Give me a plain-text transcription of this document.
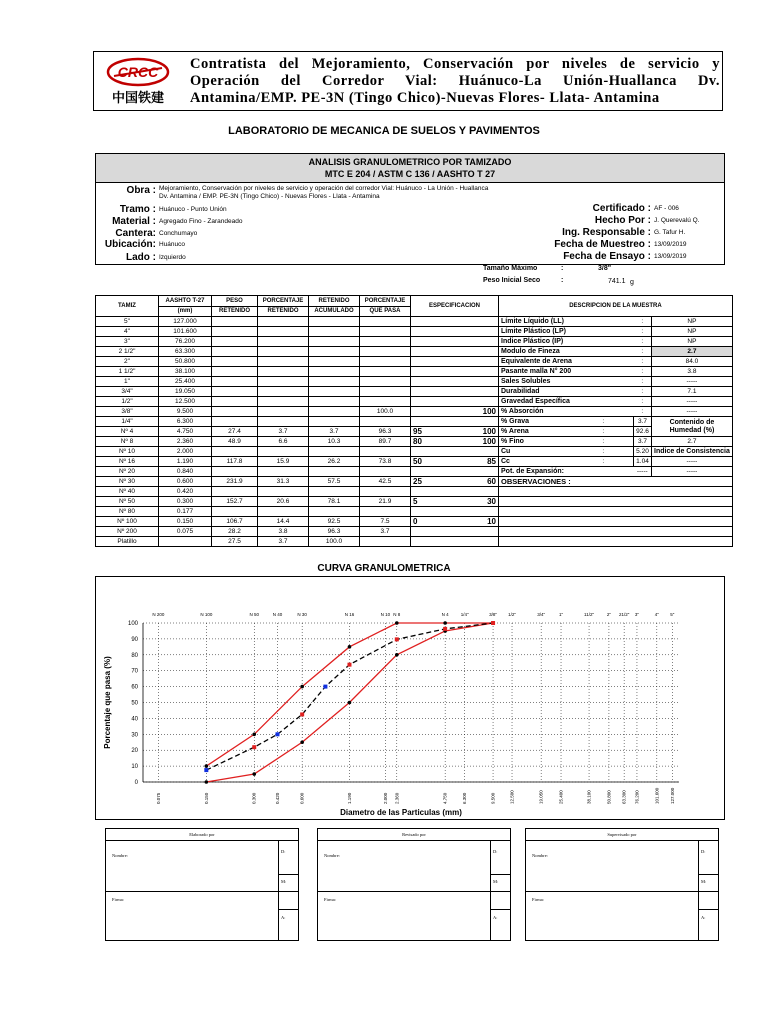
CRCC
中国铁建
Contratista del Mejoramiento, Conservación por niveles de servicio y Operación del Corredor Vial: Huánuco-La Unión-Huallanca Dv. Antamina/EMP. PE-3N (Tingo Chico)-Nuevas Flores- Llata- Antamina
LABORATORIO DE MECANICA DE SUELOS Y PAVIMENTOS
ANALISIS GRANULOMETRICO POR TAMIZADO
MTC E 204 / ASTM C 136 / AASHTO T 27
Obra : Mejoramiento, Conservación por niveles de servicio y operación del corredor Vial: Huánuco - La Unión - Huallanca Dv. Antamina / EMP. PE-3N (Tingo Chico) - Nuevas Flores - Llata - Antamina
Tramo : Huánuco - Punto Unión
Material : Agregado Fino - Zarandeado
Cantera: Conchumayo
Ubicación: Huánuco
Lado : Izquierdo
Certificado : AF - 006
Hecho Por : J. Querevalú Q.
Ing. Responsable : G. Tafur H.
Fecha de Muestreo : 13/09/2019
Fecha de Ensayo : 13/09/2019
Tamaño Máximo	:	3/8"
Peso Inicial Seco	:	741.1 g
TAMIZ	AASHTO T-27	PESO	PORCENTAJE	RETENIDO	PORCENTAJE	ESPECIFICACION		DESCRIPCION DE LA MUESTRA			
	(mm)	RETENIDO	RETENIDO	ACUMULADO	QUE PASA						
5"	127.000							Límite Líquido (LL)		:	NP
4"	101.600							Límite Plástico (LP)		:	NP
3"	76.200							Indice Plástico (IP)		:	NP
2 1/2"	63.300							Modulo de Fineza		:	2.7
2"	50.800							Equivalente de Arena		:	84.0
1 1/2"	38.100							Pasante malla N° 200		:	3.8
1"	25.400							Sales Solubles		:	-----
3/4"	19.050							Durabilidad		:	7.1
1/2"	12.500							Gravedad Específica		:	-----
3/8"	9.500				100.0		100	% Absorción		:	-----
1/4"	6.300							% Grava	:	3.7	Contenido de Humedad (%)
Nº 4	4.750	27.4	3.7	3.7	96.3	95	100	% Arena	:	92.6	
Nº 8	2.360	48.9	6.6	10.3	89.7	80	100	% Fino	:	3.7	2.7
Nº 10	2.000							Cu	:	5.20	Indice de Consistencia
Nº 16	1.190	117.8	15.9	26.2	73.8	50	85	Cc	:	1.04	-----
Nº 20	0.840							Pot. de Expansión:		-----	-----
Nº 30	0.600	231.9	31.3	57.5	42.5	25	60	OBSERVACIONES :			
Nº 40	0.420										
Nº 50	0.300	152.7	20.6	78.1	21.9	5	30				
Nº 80	0.177										
Nº 100	0.150	106.7	14.4	92.5	7.5	0	10				
Nº 200	0.075	28.2	3.8	96.3	3.7						
Platillo		27.5	3.7	100.0							
CURVA GRANULOMETRICA
0
10
20
30
40
50
60
70
80
90
100
N 200	N 100	N 50	N 40	N 30	N 16	N 10 N 8	N 4	1/4"	3/8" 1/2"	3/4"	1"	11/2"	2" 21/2" 3"	4"	5"
0.075	0.150	0.300	0.420	0.600	1.190	2.000 2.360	4.750	6.300	9.500	12.500	19.050	25.400	38.100	50.800 63.300 76.200	101.600 127.000
Porcentaje que pasa (%)
Diametro de las Particulas (mm)
Elaborado por
Nombre:
Firma:
D:
M:
A:
Revisado por
Nombre:
Firma:
D:
M:
A:
Supervisado por
Nombre:
Firma:
D:
M:
A:
